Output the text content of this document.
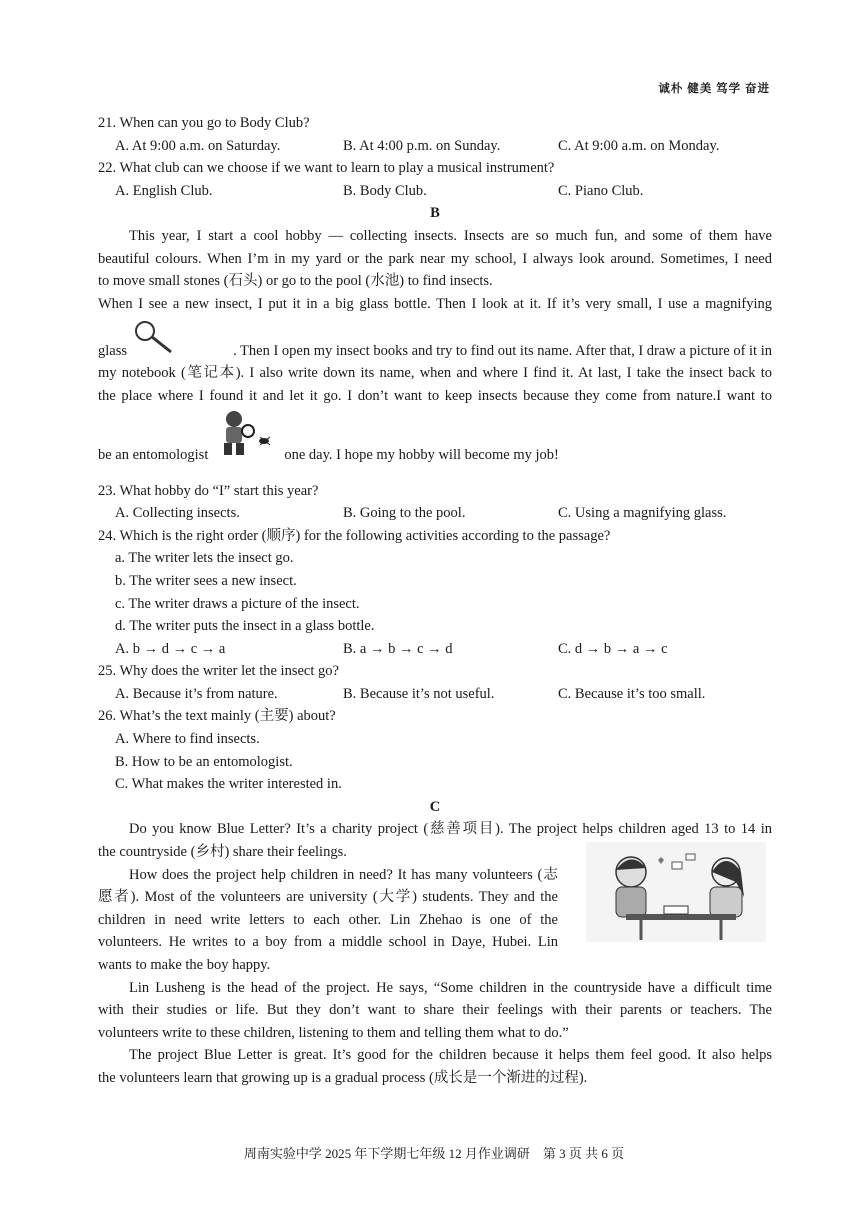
诚朴 健美 笃学 奋进
21. When can you go to Body Club?
A. At 9:00 a.m. on Saturday.	B. At 4:00 p.m. on Sunday.	C. At 9:00 a.m. on Monday.
22. What club can we choose if we want to learn to play a musical instrument?
A. English Club.	B. Body Club.	C. Piano Club.
B
This year, I start a cool hobby — collecting insects. Insects are so much fun, and some of them have
beautiful colours. When I’m in my yard or the park near my school, I always look around. Sometimes, I need
to move small stones (石头) or go to the pool (水池) to find insects.
When I see a new insect, I put it in a big glass bottle. Then I look at it. If it’s very small, I use a magnifying
glass	. Then I open my insect books and try to find out its name. After that, I draw a picture of it in
my notebook (笔记本). I also write down its name, when and where I find it. At last, I take the insect back to
the place where I found it and let it go. I don’t want to keep insects because they come from nature.I want to
be an entomologist	one day. I hope my hobby will become my job!
23. What hobby do “I” start this year?
A. Collecting insects.	B. Going to the pool.	C. Using a magnifying glass.
24. Which is the right order (顺序) for the following activities according to the passage?
a. The writer lets the insect go.
b. The writer sees a new insect.
c. The writer draws a picture of the insect.
d. The writer puts the insect in a glass bottle.
A. b → d → c → a	B. a → b → c → d	C. d → b → a → c
25. Why does the writer let the insect go?
A. Because it’s from nature.	B. Because it’s not useful.	C. Because it’s too small.
26. What’s the text mainly (主要) about?
A. Where to find insects.
B. How to be an entomologist.
C. What makes the writer interested in.
C
Do you know Blue Letter? It’s a charity project (慈善项目). The project helps children aged 13 to 14 in
the countryside (乡村) share their feelings.
How does the project help children in need? It has many volunteers (志
愿者). Most of the volunteers are university (大学) students. They and the
children in need write letters to each other. Lin Zhehao is one of the
volunteers. He writes to a boy from a middle school in Daye, Hubei. Lin
wants to make the boy happy.
Lin Lusheng is the head of the project. He says, “Some children in the countryside have a difficult time
with their studies or life. But they don’t want to share their feelings with their parents or teachers. The
volunteers write to these children, listening to them and telling them what to do.”
The project Blue Letter is great. It’s good for the children because it helps them feel good. It also helps
the volunteers learn that growing up is a gradual process (成长是一个渐进的过程).
周南实验中学 2025 年下学期七年级 12 月作业调研　第 3 页 共 6 页
